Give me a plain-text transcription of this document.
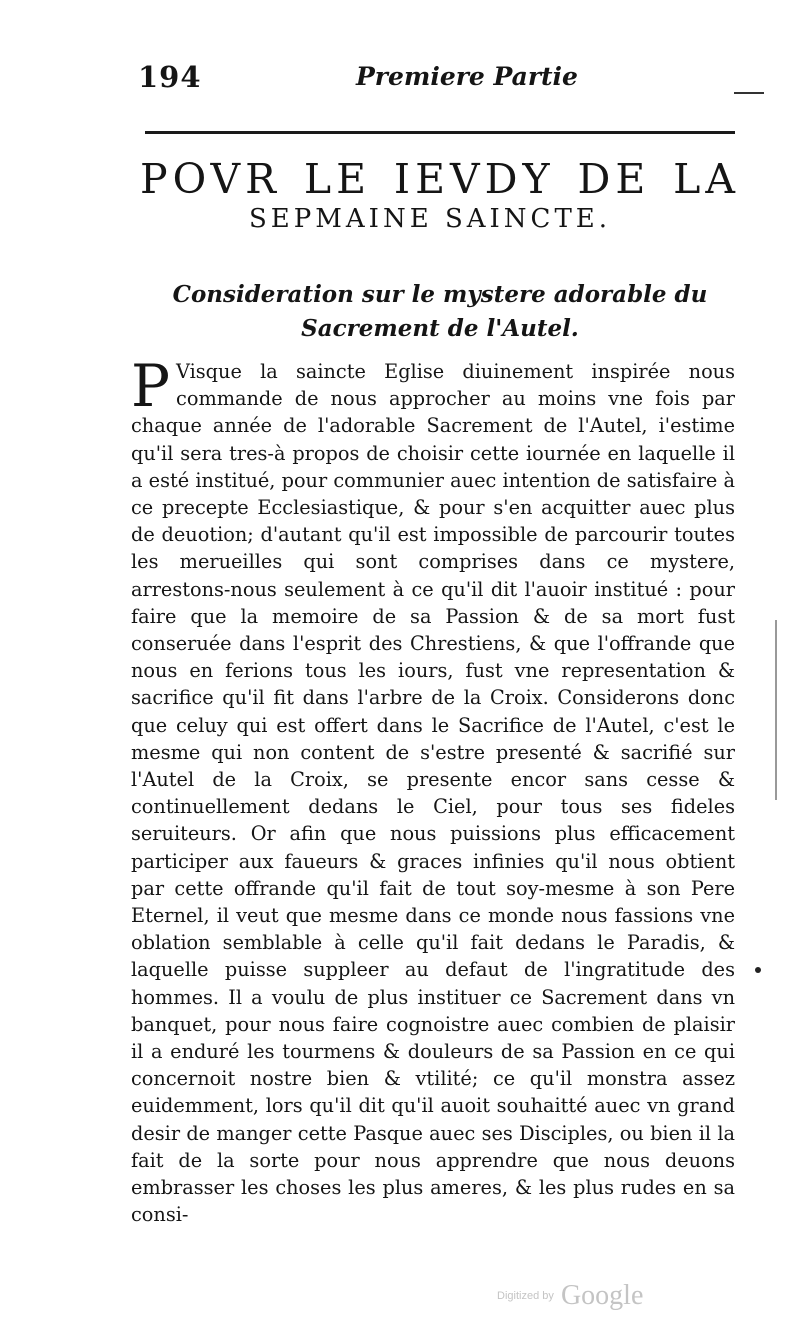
194	Premiere Partie
POVR LE IEVDY DE LA
SEPMAINE SAINCTE.
Consideration sur le mystere adorable du Sacrement de l'Autel.
P Visque la saincte Eglise diuinement inspirée nous commande de nous approcher au moins vne fois par chaque année de l'adorable Sacrement de l'Autel, i'estime qu'il sera tres-à propos de choisir cette iournée en laquelle il a esté institué, pour communier auec intention de satisfaire à ce precepte Ecclesiastique, & pour s'en acquitter auec plus de deuotion; d'autant qu'il est impossible de parcourir toutes les merueilles qui sont comprises dans ce mystere, arrestons-nous seulement à ce qu'il dit l'auoir institué : pour faire que la memoire de sa Passion & de sa mort fust conseruée dans l'esprit des Chrestiens, & que l'offrande que nous en ferions tous les iours, fust vne representation & sacrifice qu'il fit dans l'arbre de la Croix. Considerons donc que celuy qui est offert dans le Sacrifice de l'Autel, c'est le mesme qui non content de s'estre presenté & sacrifié sur l'Autel de la Croix, se presente encor sans cesse & continuellement dedans le Ciel, pour tous ses fideles seruiteurs. Or afin que nous puissions plus efficacement participer aux faueurs & graces infinies qu'il nous obtient par cette offrande qu'il fait de tout soy-mesme à son Pere Eternel, il veut que mesme dans ce monde nous fassions vne oblation semblable à celle qu'il fait dedans le Paradis, & laquelle puisse suppleer au defaut de l'ingratitude des hommes. Il a voulu de plus instituer ce Sacrement dans vn banquet, pour nous faire cognoistre auec combien de plaisir il a enduré les tourmens & douleurs de sa Passion en ce qui concernoit nostre bien & vtilité; ce qu'il monstra assez euidemment, lors qu'il dit qu'il auoit souhaitté auec vn grand desir de manger cette Pasque auec ses Disciples, ou bien il la fait de la sorte pour nous apprendre que nous deuons embrasser les choses les plus ameres, & les plus rudes en sa consi-
Digitized by Google
